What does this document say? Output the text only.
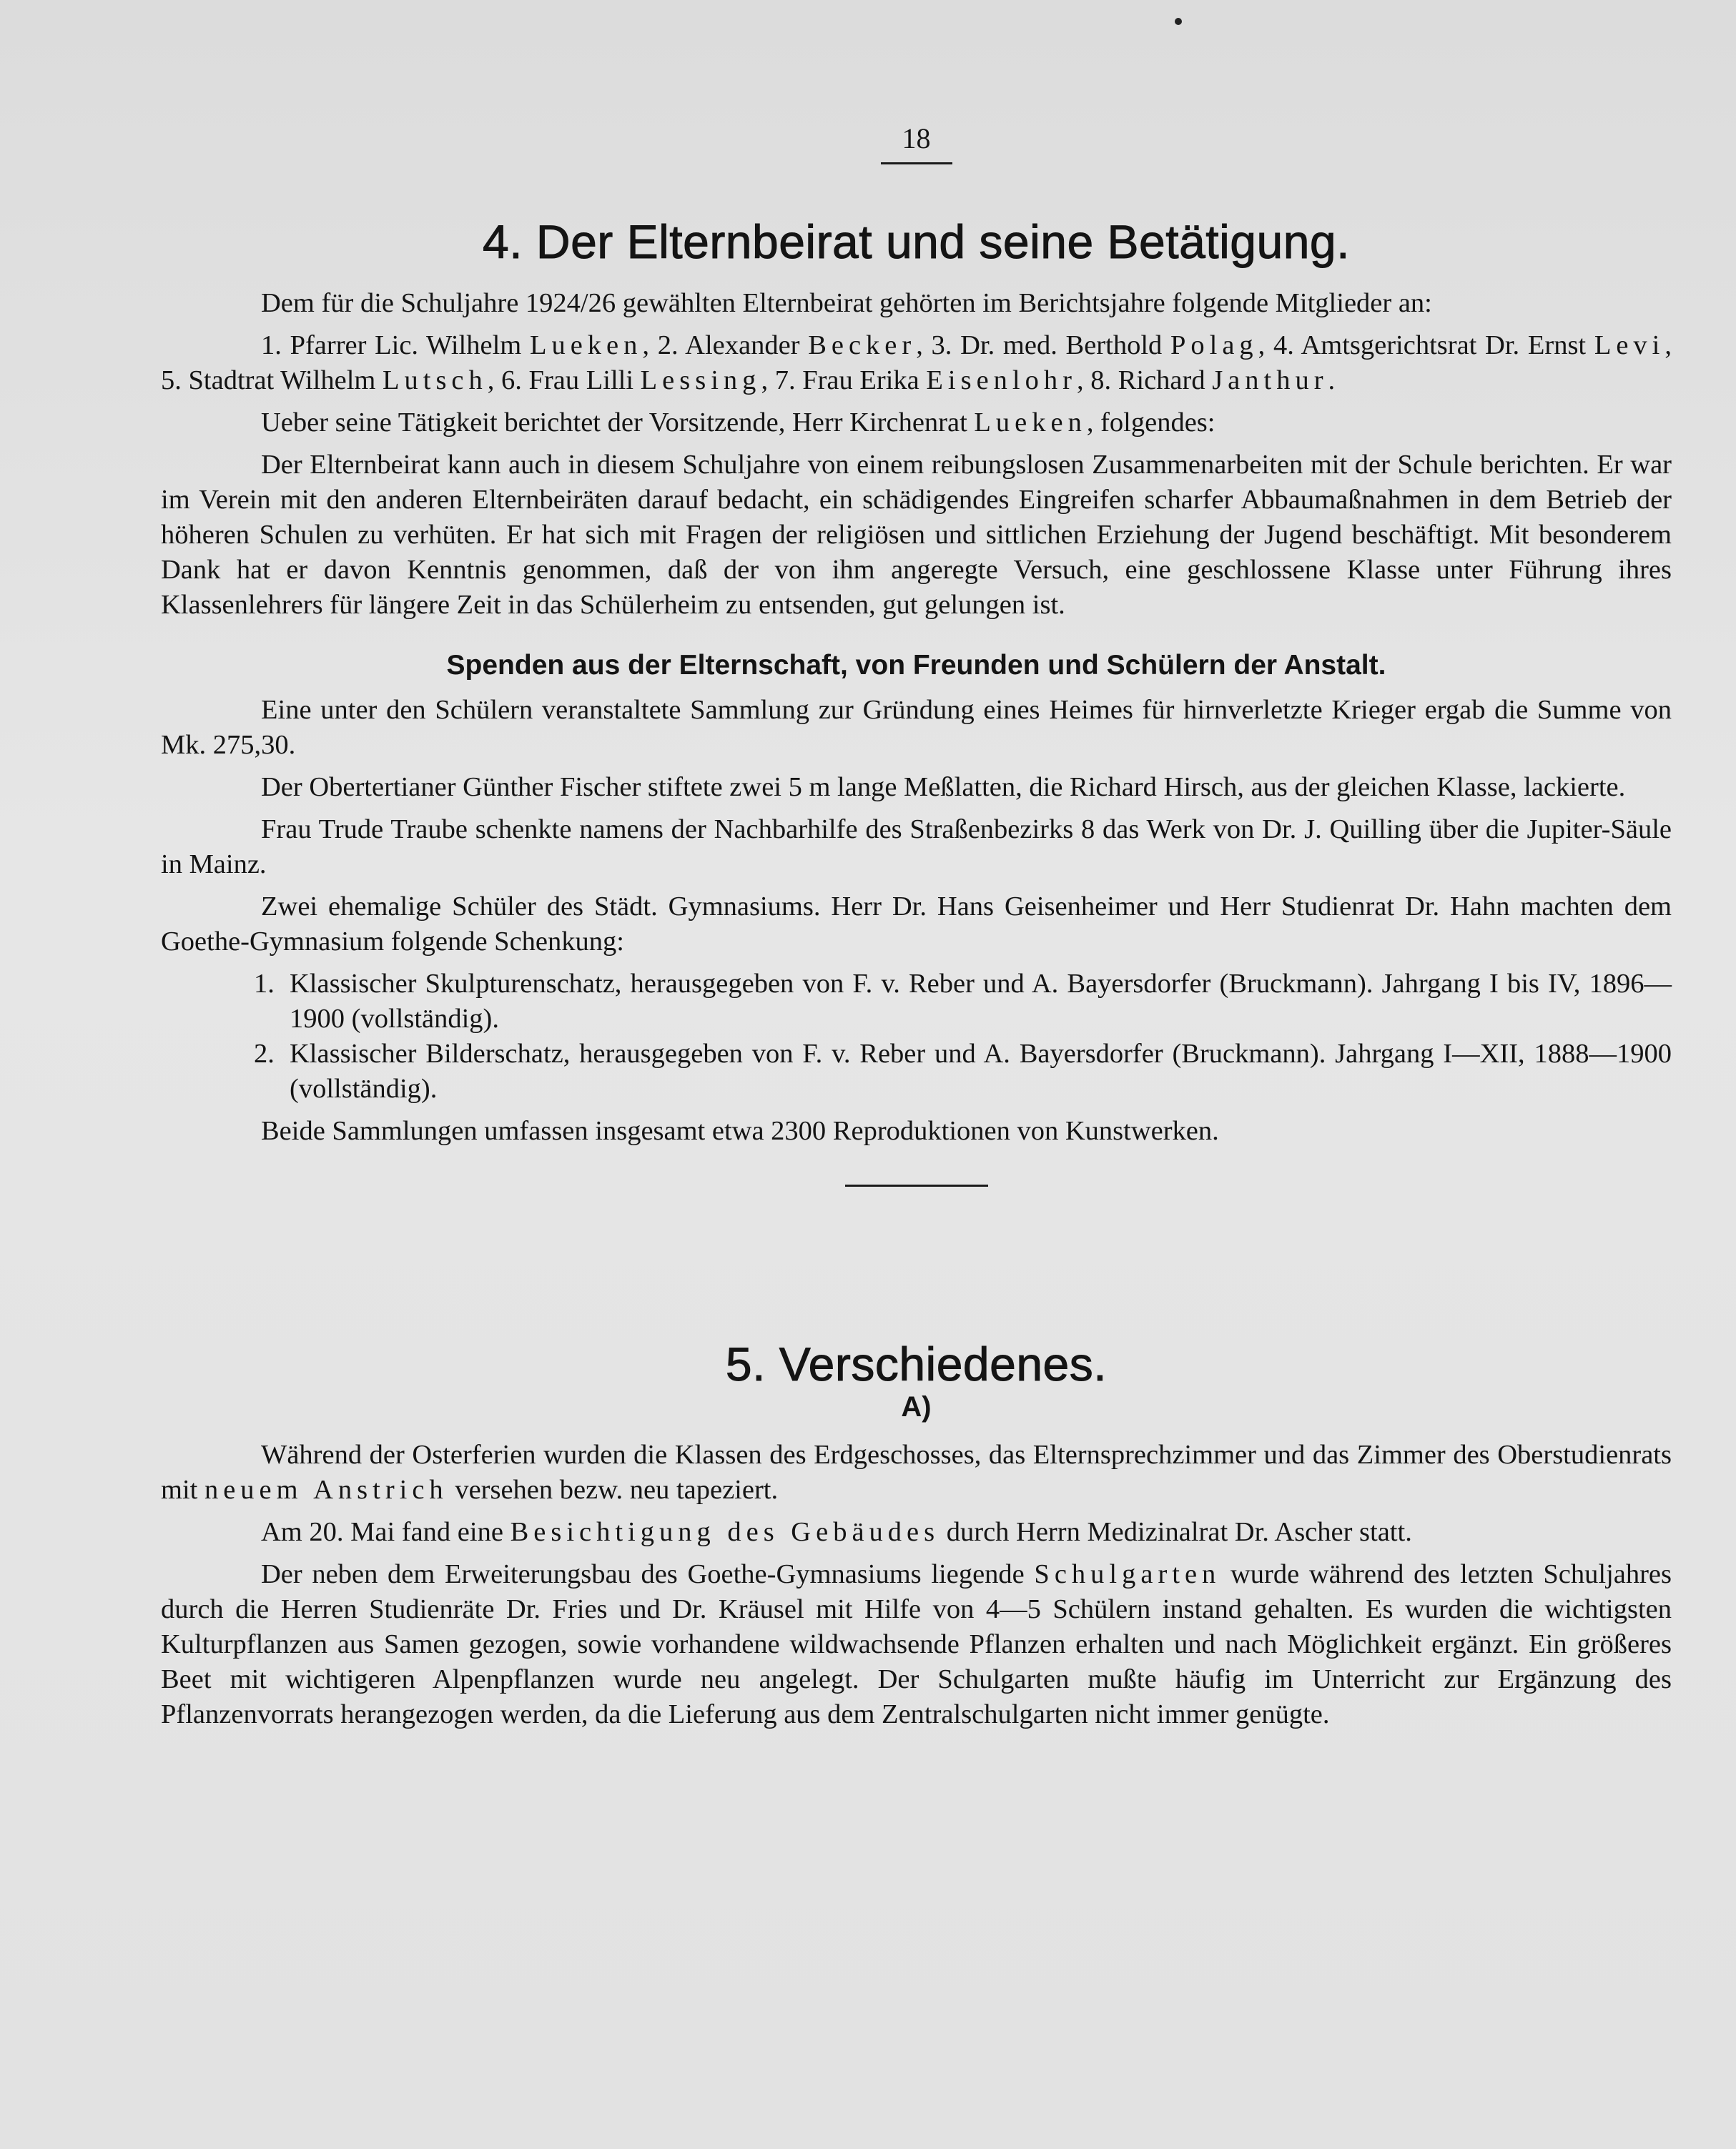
18
4. Der Elternbeirat und seine Betätigung.

Dem für die Schuljahre 1924/26 gewählten Elternbeirat gehörten im Berichtsjahre folgende Mitglieder an:

1. Pfarrer Lic. Wilhelm Lueken, 2. Alexander Becker, 3. Dr. med. Berthold Polag, 4. Amtsgerichtsrat Dr. Ernst Levi, 5. Stadtrat Wilhelm Lutsch, 6. Frau Lilli Lessing, 7. Frau Erika Eisenlohr, 8. Richard Janthur.

Ueber seine Tätigkeit berichtet der Vorsitzende, Herr Kirchenrat Lueken, folgendes:

Der Elternbeirat kann auch in diesem Schuljahre von einem reibungslosen Zusammenarbeiten mit der Schule berichten. Er war im Verein mit den anderen Elternbeiräten darauf bedacht, ein schädigendes Eingreifen scharfer Abbaumaßnahmen in dem Betrieb der höheren Schulen zu verhüten. Er hat sich mit Fragen der religiösen und sittlichen Erziehung der Jugend beschäftigt. Mit besonderem Dank hat er davon Kenntnis genommen, daß der von ihm angeregte Versuch, eine geschlossene Klasse unter Führung ihres Klassenlehrers für längere Zeit in das Schülerheim zu entsenden, gut gelungen ist.

Spenden aus der Elternschaft, von Freunden und Schülern der Anstalt.

Eine unter den Schülern veranstaltete Sammlung zur Gründung eines Heimes für hirnverletzte Krieger ergab die Summe von Mk. 275,30.

Der Obertertianer Günther Fischer stiftete zwei 5 m lange Meßlatten, die Richard Hirsch, aus der gleichen Klasse, lackierte.

Frau Trude Traube schenkte namens der Nachbarhilfe des Straßenbezirks 8 das Werk von Dr. J. Quilling über die Jupiter-Säule in Mainz.

Zwei ehemalige Schüler des Städt. Gymnasiums. Herr Dr. Hans Geisenheimer und Herr Studienrat Dr. Hahn machten dem Goethe-Gymnasium folgende Schenkung:

1. Klassischer Skulpturenschatz, herausgegeben von F. v. Reber und A. Bayersdorfer (Bruckmann). Jahrgang I bis IV, 1896—1900 (vollständig).
2. Klassischer Bilderschatz, herausgegeben von F. v. Reber und A. Bayersdorfer (Bruckmann). Jahrgang I—XII, 1888—1900 (vollständig).

Beide Sammlungen umfassen insgesamt etwa 2300 Reproduktionen von Kunstwerken.

5. Verschiedenes.
A)

Während der Osterferien wurden die Klassen des Erdgeschosses, das Elternsprechzimmer und das Zimmer des Oberstudienrats mit neuem Anstrich versehen bezw. neu tapeziert.

Am 20. Mai fand eine Besichtigung des Gebäudes durch Herrn Medizinalrat Dr. Ascher statt.

Der neben dem Erweiterungsbau des Goethe-Gymnasiums liegende Schulgarten wurde während des letzten Schuljahres durch die Herren Studienräte Dr. Fries und Dr. Kräusel mit Hilfe von 4—5 Schülern instand gehalten. Es wurden die wichtigsten Kulturpflanzen aus Samen gezogen, sowie vorhandene wildwachsende Pflanzen erhalten und nach Möglichkeit ergänzt. Ein größeres Beet mit wichtigeren Alpenpflanzen wurde neu angelegt. Der Schulgarten mußte häufig im Unterricht zur Ergänzung des Pflanzenvorrats herangezogen werden, da die Lieferung aus dem Zentralschulgarten nicht immer genügte.
